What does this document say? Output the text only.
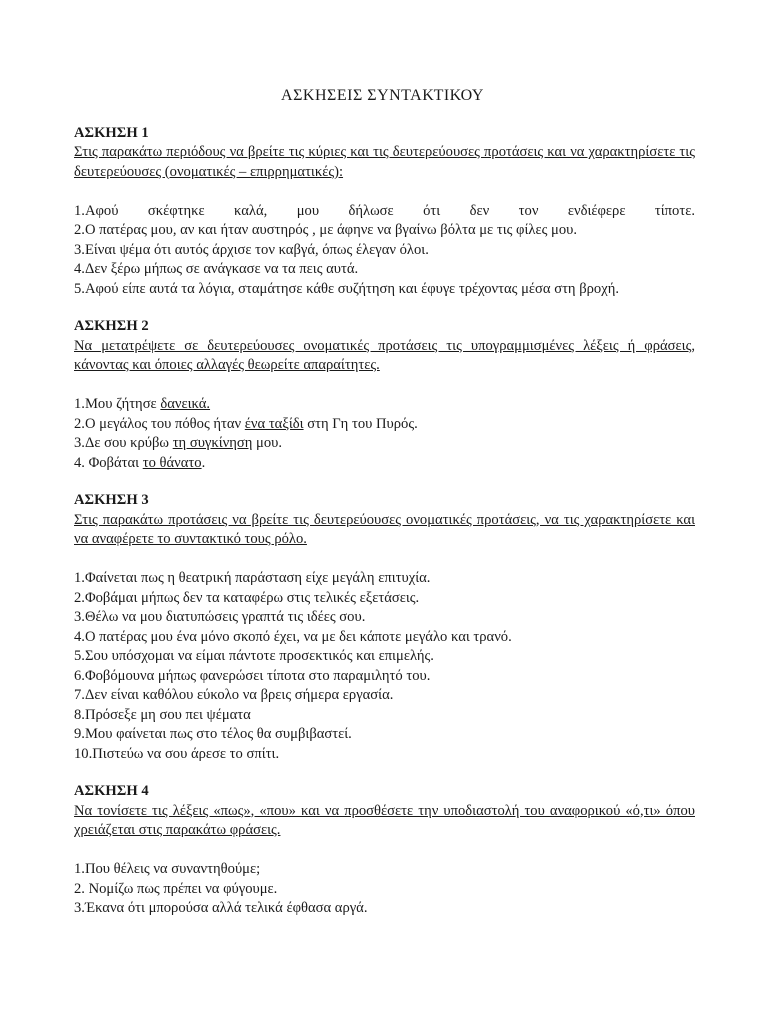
ΑΣΚΗΣΕΙΣ ΣΥΝΤΑΚΤΙΚΟΥ
ΑΣΚΗΣΗ 1
Στις παρακάτω περιόδους να βρείτε τις κύριες και τις δευτερεύουσες προτάσεις και να χαρακτηρίσετε τις δευτερεύουσες (ονοματικές – επιρρηματικές):
1.Αφού σκέφτηκε καλά, μου δήλωσε ότι δεν τον ενδιέφερε τίποτε.
2.Ο πατέρας μου, αν και ήταν αυστηρός , με άφηνε να βγαίνω βόλτα με τις φίλες μου.
3.Είναι ψέμα ότι αυτός άρχισε τον καβγά, όπως έλεγαν όλοι.
4.Δεν ξέρω μήπως σε ανάγκασε να τα πεις αυτά.
5.Αφού είπε αυτά τα λόγια, σταμάτησε κάθε συζήτηση και έφυγε τρέχοντας μέσα στη βροχή.
ΑΣΚΗΣΗ 2
Να μετατρέψετε σε δευτερεύουσες ονοματικές προτάσεις τις υπογραμμισμένες λέξεις ή φράσεις, κάνοντας και όποιες αλλαγές θεωρείτε απαραίτητες.
1.Μου ζήτησε δανεικά.
2.Ο μεγάλος του πόθος ήταν ένα ταξίδι στη Γη του Πυρός.
3.Δε σου κρύβω τη συγκίνηση μου.
4. Φοβάται το θάνατο.
ΑΣΚΗΣΗ 3
Στις παρακάτω προτάσεις να βρείτε τις δευτερεύουσες ονοματικές προτάσεις, να τις χαρακτηρίσετε και να αναφέρετε το συντακτικό τους ρόλο.
1.Φαίνεται πως η θεατρική παράσταση είχε μεγάλη επιτυχία.
2.Φοβάμαι μήπως δεν τα καταφέρω στις τελικές εξετάσεις.
3.Θέλω να μου διατυπώσεις γραπτά τις ιδέες σου.
4.Ο πατέρας μου ένα μόνο σκοπό έχει, να με δει κάποτε μεγάλο και τρανό.
5.Σου υπόσχομαι να είμαι πάντοτε προσεκτικός και επιμελής.
6.Φοβόμουνα μήπως φανερώσει τίποτα στο παραμιλητό του.
7.Δεν είναι καθόλου εύκολο να βρεις σήμερα εργασία.
8.Πρόσεξε μη σου πει ψέματα
9.Μου φαίνεται πως στο τέλος θα συμβιβαστεί.
10.Πιστεύω να σου άρεσε το σπίτι.
ΑΣΚΗΣΗ 4
Να τονίσετε τις λέξεις «πως», «που» και να προσθέσετε την υποδιαστολή του αναφορικού «ό,τι» όπου χρειάζεται στις παρακάτω φράσεις.
1.Που θέλεις να συναντηθούμε;
2. Νομίζω πως πρέπει να φύγουμε.
3.Έκανα ότι μπορούσα αλλά τελικά έφθασα αργά.
